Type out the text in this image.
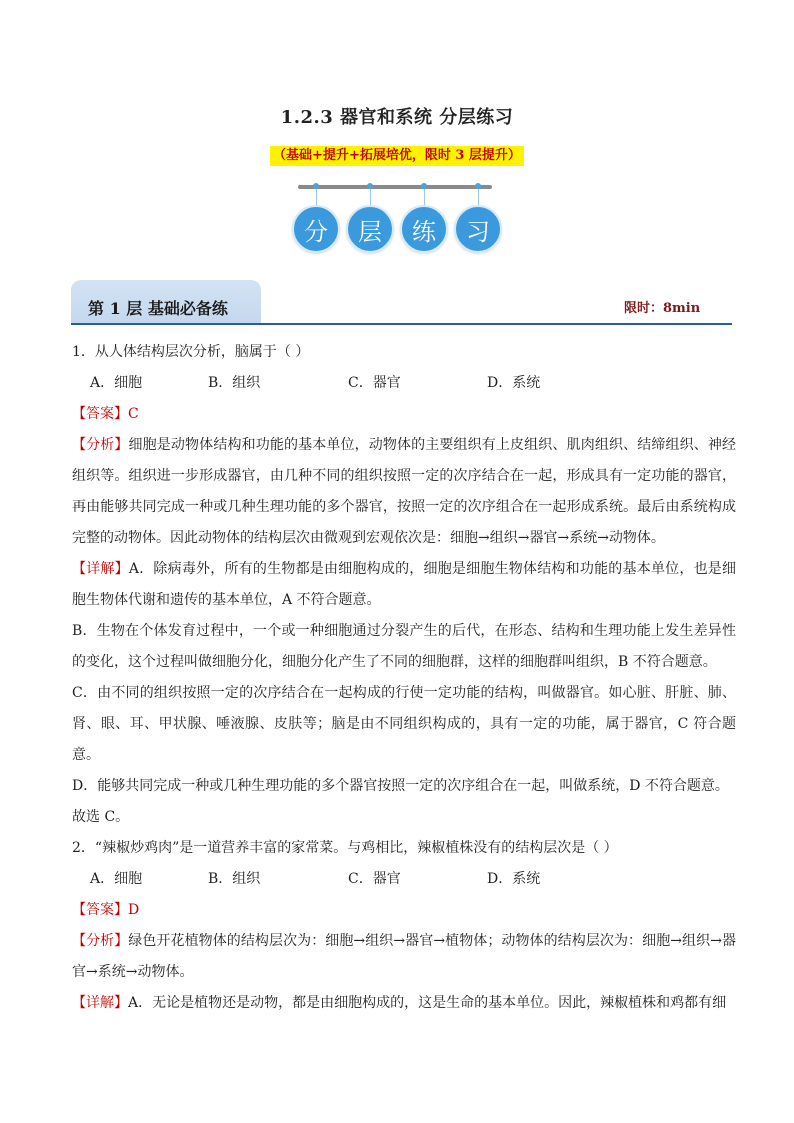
1.2.3 器官和系统 分层练习
（基础+提升+拓展培优，限时 3 层提升）
分	层	练	习
第 1 层 基础必备练	限时：8min
1．从人体结构层次分析，脑属于（ ）
A．细胞	B．组织	C．器官	D．系统
【答案】C
【分析】细胞是动物体结构和功能的基本单位，动物体的主要组织有上皮组织、肌肉组织、结缔组织、神经组织等。组织进一步形成器官，由几种不同的组织按照一定的次序结合在一起，形成具有一定功能的器官，再由能够共同完成一种或几种生理功能的多个器官，按照一定的次序组合在一起形成系统。最后由系统构成完整的动物体。因此动物体的结构层次由微观到宏观依次是：细胞→组织→器官→系统→动物体。
【详解】A．除病毒外，所有的生物都是由细胞构成的，细胞是细胞生物体结构和功能的基本单位，也是细胞生物体代谢和遗传的基本单位，A 不符合题意。
B．生物在个体发育过程中，一个或一种细胞通过分裂产生的后代，在形态、结构和生理功能上发生差异性的变化，这个过程叫做细胞分化，细胞分化产生了不同的细胞群，这样的细胞群叫组织，B 不符合题意。
C．由不同的组织按照一定的次序结合在一起构成的行使一定功能的结构，叫做器官。如心脏、肝脏、肺、肾、眼、耳、甲状腺、唾液腺、皮肤等；脑是由不同组织构成的，具有一定的功能，属于器官，C 符合题意。
D．能够共同完成一种或几种生理功能的多个器官按照一定的次序组合在一起，叫做系统，D 不符合题意。
故选 C。
2．“辣椒炒鸡肉”是一道营养丰富的家常菜。与鸡相比，辣椒植株没有的结构层次是（ ）
A．细胞	B．组织	C．器官	D．系统
【答案】D
【分析】绿色开花植物体的结构层次为：细胞→组织→器官→植物体；动物体的结构层次为：细胞→组织→器官→系统→动物体。
【详解】A．无论是植物还是动物，都是由细胞构成的，这是生命的基本单位。因此，辣椒植株和鸡都有细
